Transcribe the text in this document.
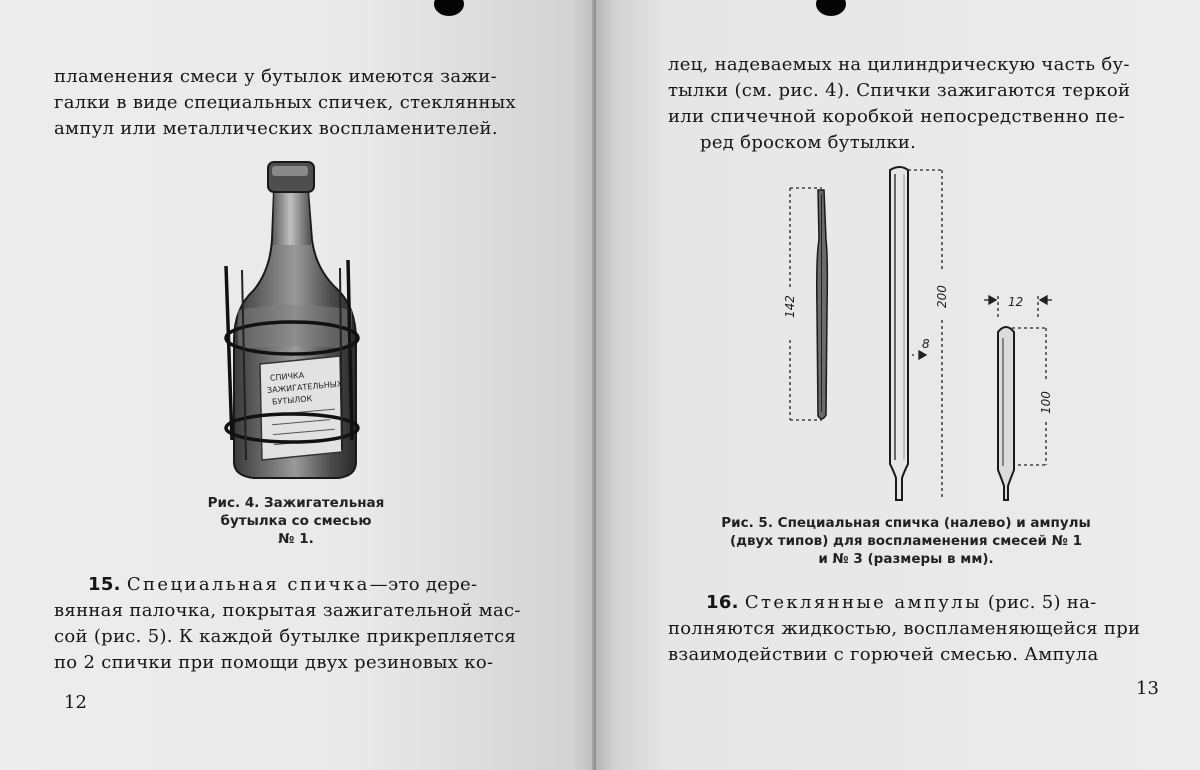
пламенения смеси у бутылок имеются зажи-
галки в виде специальных спичек, стеклянных
ампул или металлических воспламенителей.
СПИЧКА
ЗАЖИГАТЕЛЬНЫХ
БУТЫЛОК
Рис. 4. Зажигательная
бутылка со смесью
№ 1.
15. Специальная спичка—это дере-
вянная палочка, покрытая зажигательной мас-
сой (рис. 5). К каждой бутылке прикрепляется
по 2 спички при помощи двух резиновых ко-
12
лец, надеваемых на цилиндрическую часть бу-
тылки (см. рис. 4). Спички зажигаются теркой
или спичечной коробкой непосредственно пе-
ред броском бутылки.
142	200
8
12
100
Рис. 5. Специальная спичка (налево) и ампулы
(двух типов) для воспламенения смесей № 1
и № 3 (размеры в мм).
16. Стеклянные ампулы (рис. 5) на-
полняются жидкостью, воспламеняющейся при
взаимодействии с горючей смесью. Ампула
13
